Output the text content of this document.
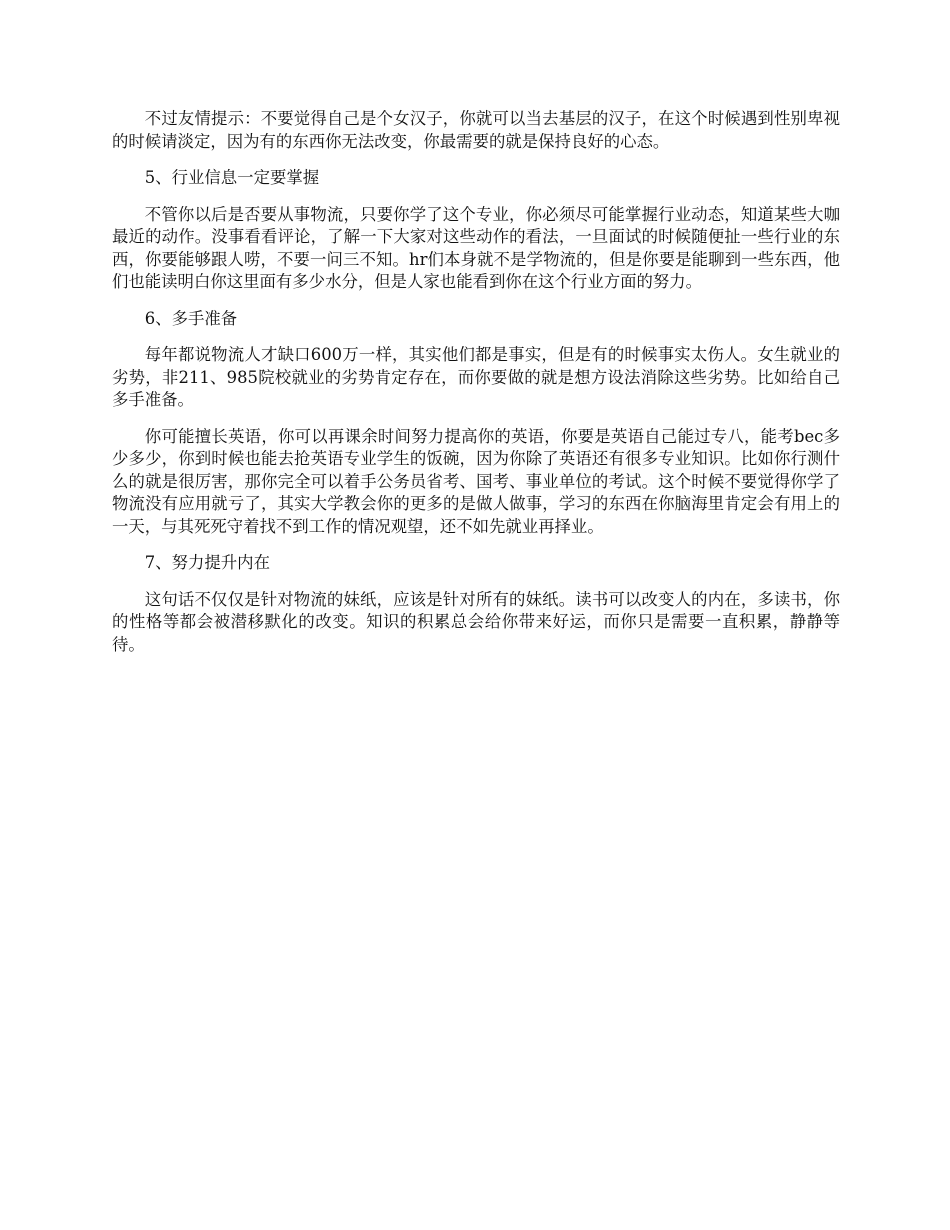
不过友情提示：不要觉得自己是个女汉子，你就可以当去基层的汉子，在这个时候遇到性别卑视的时候请淡定，因为有的东西你无法改变，你最需要的就是保持良好的心态。

5、行业信息一定要掌握

不管你以后是否要从事物流，只要你学了这个专业，你必须尽可能掌握行业动态，知道某些大咖最近的动作。没事看看评论，了解一下大家对这些动作的看法，一旦面试的时候随便扯一些行业的东西，你要能够跟人唠，不要一问三不知。hr们本身就不是学物流的，但是你要是能聊到一些东西，他们也能读明白你这里面有多少水分，但是人家也能看到你在这个行业方面的努力。

6、多手准备

每年都说物流人才缺口600万一样，其实他们都是事实，但是有的时候事实太伤人。女生就业的劣势，非211、985院校就业的劣势肯定存在，而你要做的就是想方设法消除这些劣势。比如给自己多手准备。

你可能擅长英语，你可以再课余时间努力提高你的英语，你要是英语自己能过专八，能考bec多少多少，你到时候也能去抢英语专业学生的饭碗，因为你除了英语还有很多专业知识。比如你行测什么的就是很厉害，那你完全可以着手公务员省考、国考、事业单位的考试。这个时候不要觉得你学了物流没有应用就亏了，其实大学教会你的更多的是做人做事，学习的东西在你脑海里肯定会有用上的一天，与其死死守着找不到工作的情况观望，还不如先就业再择业。

7、努力提升内在

这句话不仅仅是针对物流的妹纸，应该是针对所有的妹纸。读书可以改变人的内在，多读书，你的性格等都会被潜移默化的改变。知识的积累总会给你带来好运，而你只是需要一直积累，静静等待。
